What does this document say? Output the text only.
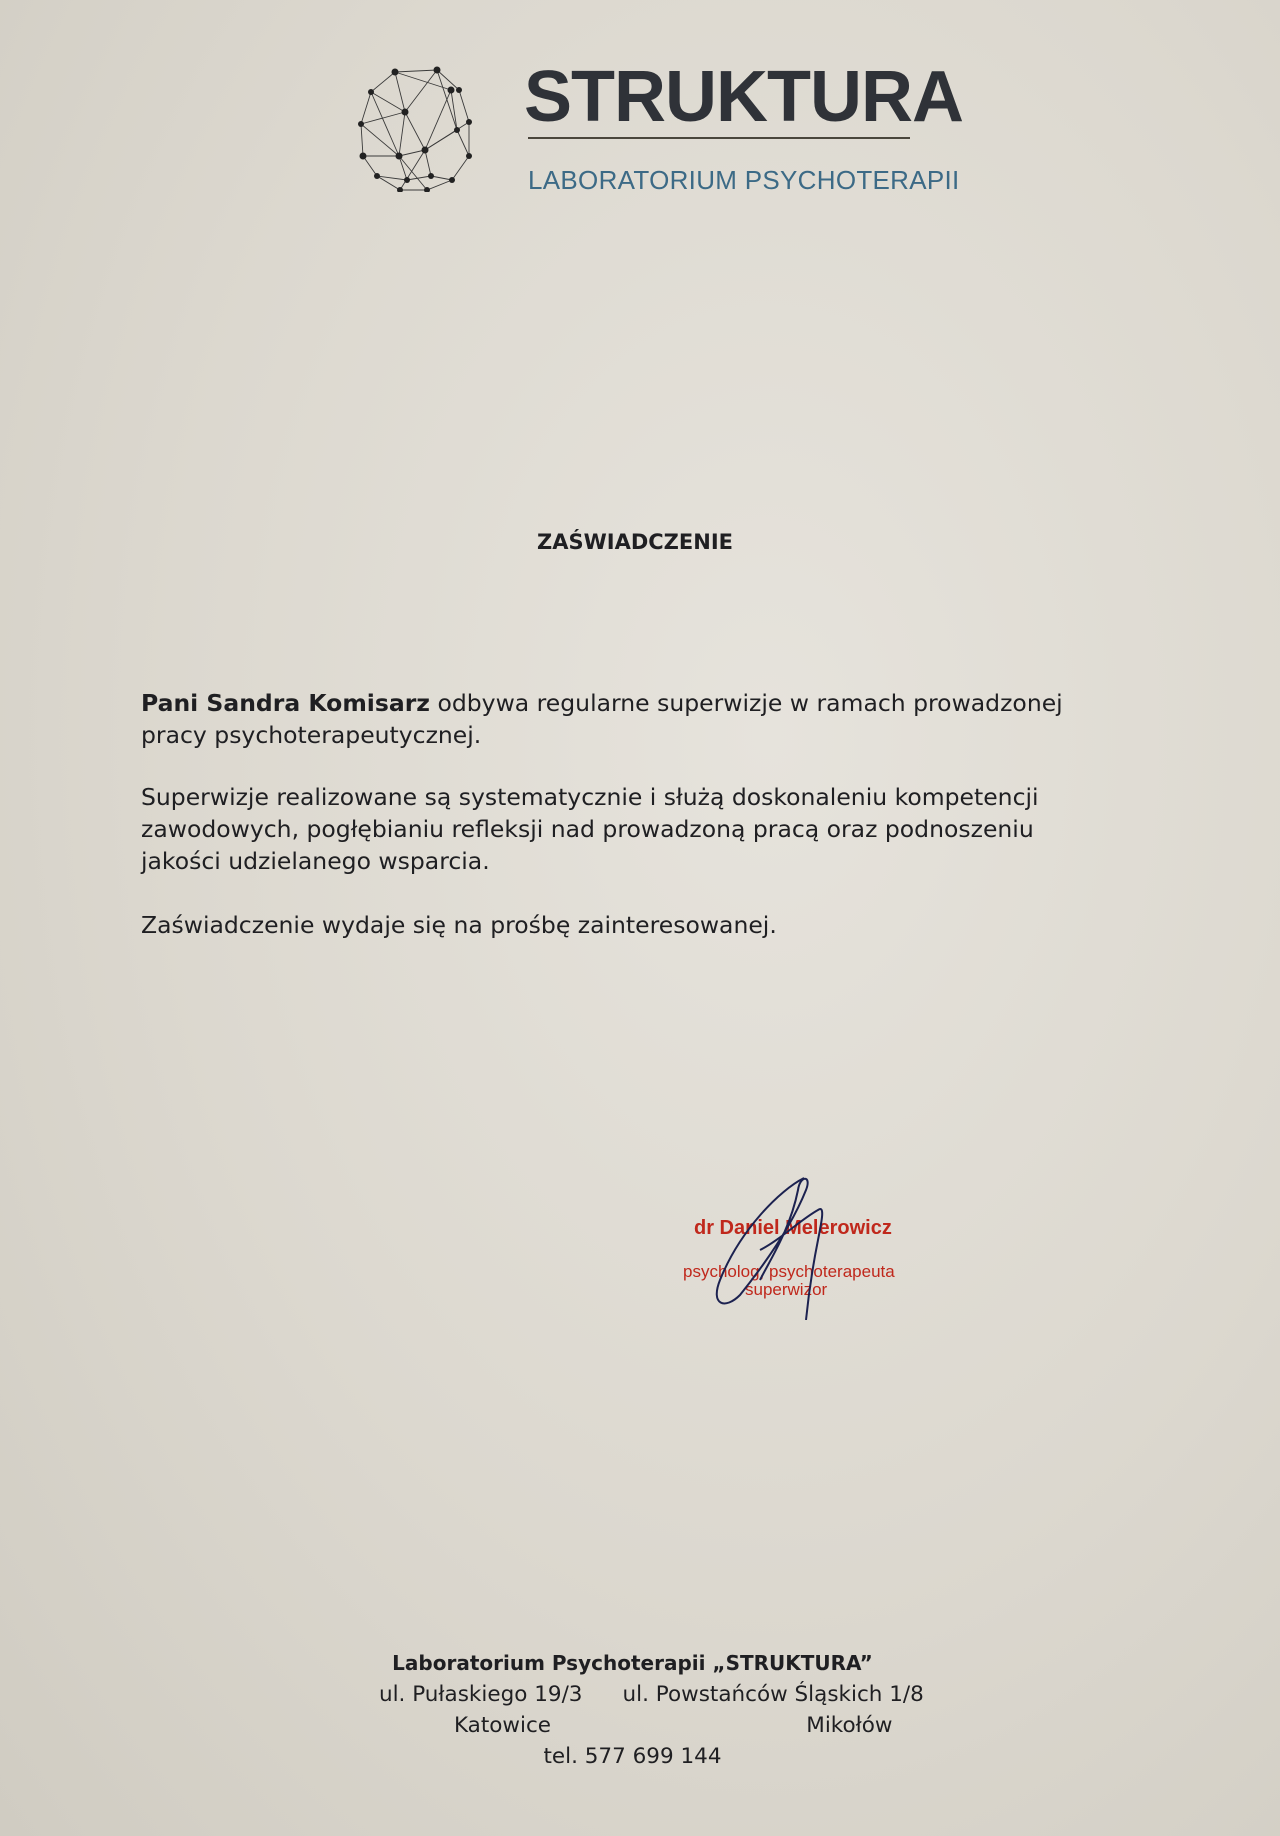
STRUKTURA
LABORATORIUM PSYCHOTERAPII
ZAŚWIADCZENIE
Pani Sandra Komisarz odbywa regularne superwizje w ramach prowadzonej
pracy psychoterapeutycznej.
Superwizje realizowane są systematycznie i służą doskonaleniu kompetencji
zawodowych, pogłębianiu refleksji nad prowadzoną pracą oraz podnoszeniu
jakości udzielanego wsparcia.
Zaświadczenie wydaje się na prośbę zainteresowanej.
dr Daniel Melerowicz
psycholog, psychoterapeuta
superwizor
Laboratorium Psychoterapii „STRUKTURA”
ul. Pułaskiego 19/3 ul. Powstańców Śląskich 1/8
Katowice	Mikołów
tel. 577 699 144
